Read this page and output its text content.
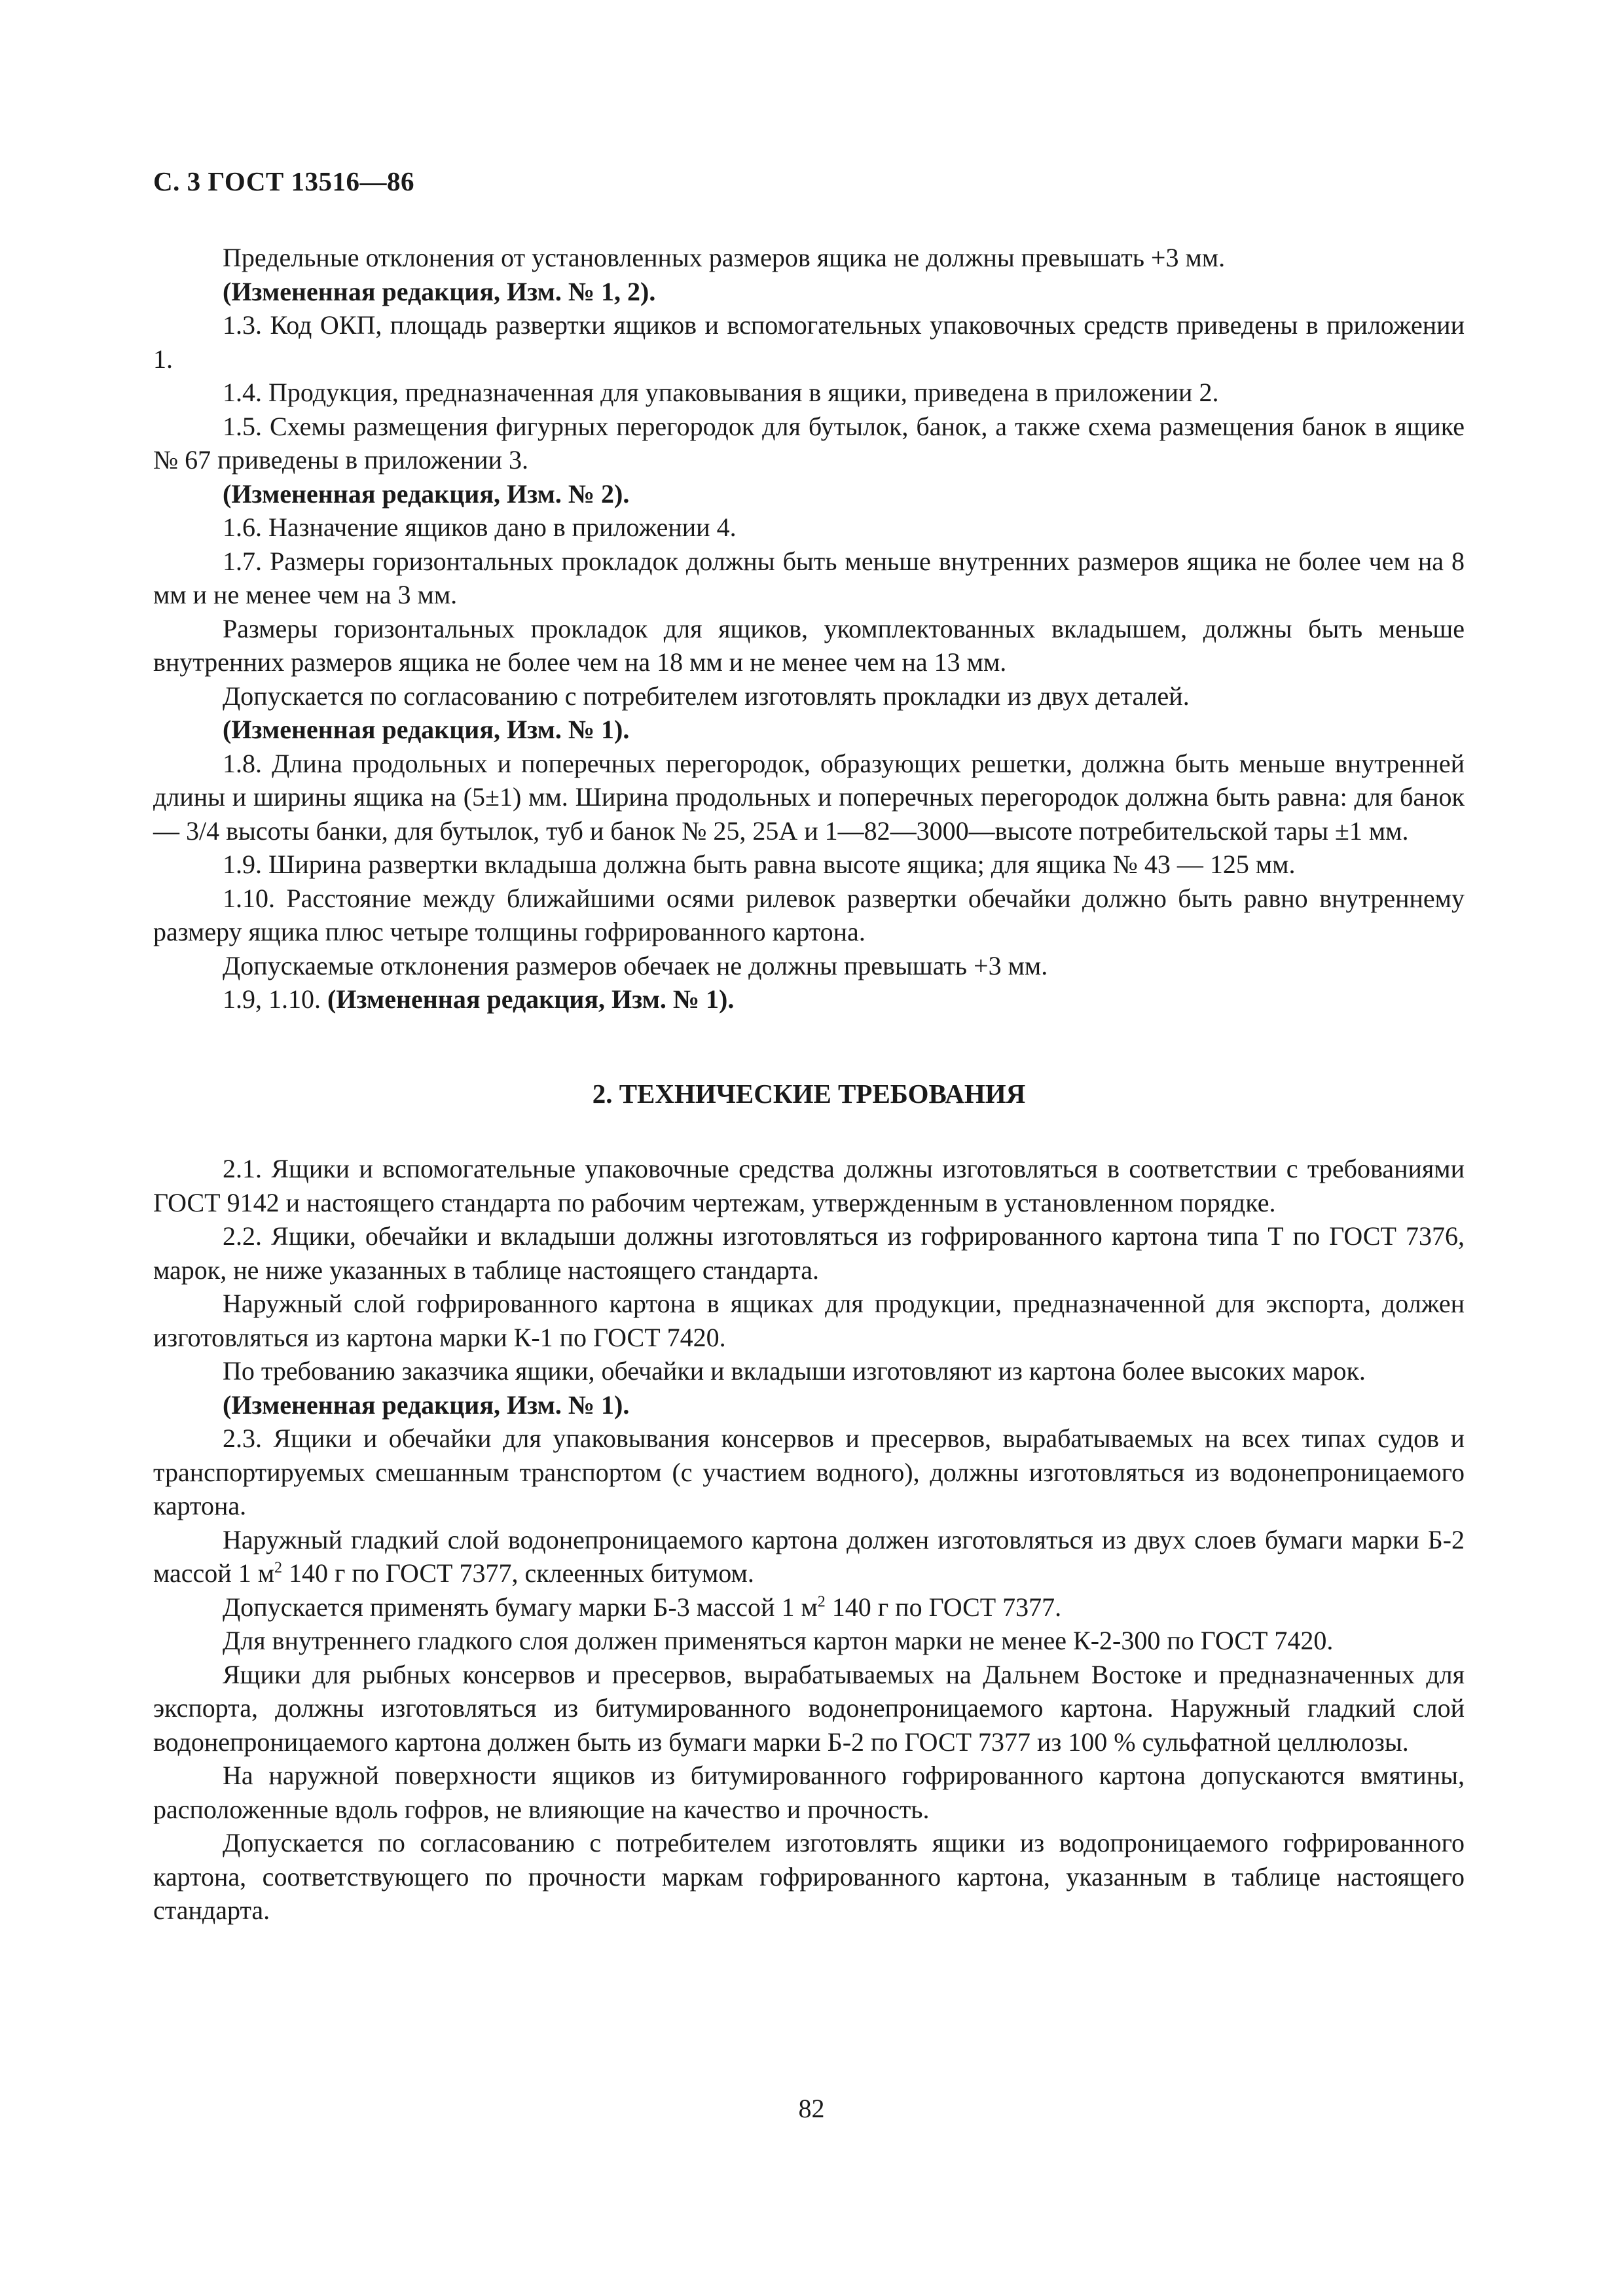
С. 3 ГОСТ 13516—86

Предельные отклонения от установленных размеров ящика не должны превышать +3 мм.

(Измененная редакция, Изм. № 1, 2).

1.3. Код ОКП, площадь развертки ящиков и вспомогательных упаковочных средств приведены в приложении 1.

1.4. Продукция, предназначенная для упаковывания в ящики, приведена в приложении 2.

1.5. Схемы размещения фигурных перегородок для бутылок, банок, а также схема размещения банок в ящике № 67 приведены в приложении 3.

(Измененная редакция, Изм. № 2).

1.6. Назначение ящиков дано в приложении 4.

1.7. Размеры горизонтальных прокладок должны быть меньше внутренних размеров ящика не более чем на 8 мм и не менее чем на 3 мм.

Размеры горизонтальных прокладок для ящиков, укомплектованных вкладышем, должны быть меньше внутренних размеров ящика не более чем на 18 мм и не менее чем на 13 мм.

Допускается по согласованию с потребителем изготовлять прокладки из двух деталей.

(Измененная редакция, Изм. № 1).

1.8. Длина продольных и поперечных перегородок, образующих решетки, должна быть меньше внутренней длины и ширины ящика на (5±1) мм. Ширина продольных и поперечных перегородок должна быть равна: для банок — 3/4 высоты банки, для бутылок, туб и банок № 25, 25А и 1—82—3000—высоте потребительской тары ±1 мм.

1.9. Ширина развертки вкладыша должна быть равна высоте ящика; для ящика № 43 — 125 мм.

1.10. Расстояние между ближайшими осями рилевок развертки обечайки должно быть равно внутреннему размеру ящика плюс четыре толщины гофрированного картона.

Допускаемые отклонения размеров обечаек не должны превышать +3 мм.

1.9, 1.10. (Измененная редакция, Изм. № 1).

2. ТЕХНИЧЕСКИЕ ТРЕБОВАНИЯ

2.1. Ящики и вспомогательные упаковочные средства должны изготовляться в соответствии с требованиями ГОСТ 9142 и настоящего стандарта по рабочим чертежам, утвержденным в установленном порядке.

2.2. Ящики, обечайки и вкладыши должны изготовляться из гофрированного картона типа Т по ГОСТ 7376, марок, не ниже указанных в таблице настоящего стандарта.

Наружный слой гофрированного картона в ящиках для продукции, предназначенной для экспорта, должен изготовляться из картона марки К-1 по ГОСТ 7420.

По требованию заказчика ящики, обечайки и вкладыши изготовляют из картона более высоких марок.

(Измененная редакция, Изм. № 1).

2.3. Ящики и обечайки для упаковывания консервов и пресервов, вырабатываемых на всех типах судов и транспортируемых смешанным транспортом (с участием водного), должны изготовляться из водонепроницаемого картона.

Наружный гладкий слой водонепроницаемого картона должен изготовляться из двух слоев бумаги марки Б-2 массой 1 $м^2$ 140 г по ГОСТ 7377, склеенных битумом.

Допускается применять бумагу марки Б-3 массой 1 $м^2$ 140 г по ГОСТ 7377.

Для внутреннего гладкого слоя должен применяться картон марки не менее К-2-300 по ГОСТ 7420.

Ящики для рыбных консервов и пресервов, вырабатываемых на Дальнем Востоке и предназначенных для экспорта, должны изготовляться из битумированного водонепроницаемого картона. Наружный гладкий слой водонепроницаемого картона должен быть из бумаги марки Б-2 по ГОСТ 7377 из 100 % сульфатной целлюлозы.

На наружной поверхности ящиков из битумированного гофрированного картона допускаются вмятины, расположенные вдоль гофров, не влияющие на качество и прочность.

Допускается по согласованию с потребителем изготовлять ящики из водопроницаемого гофрированного картона, соответствующего по прочности маркам гофрированного картона, указанным в таблице настоящего стандарта.

82
